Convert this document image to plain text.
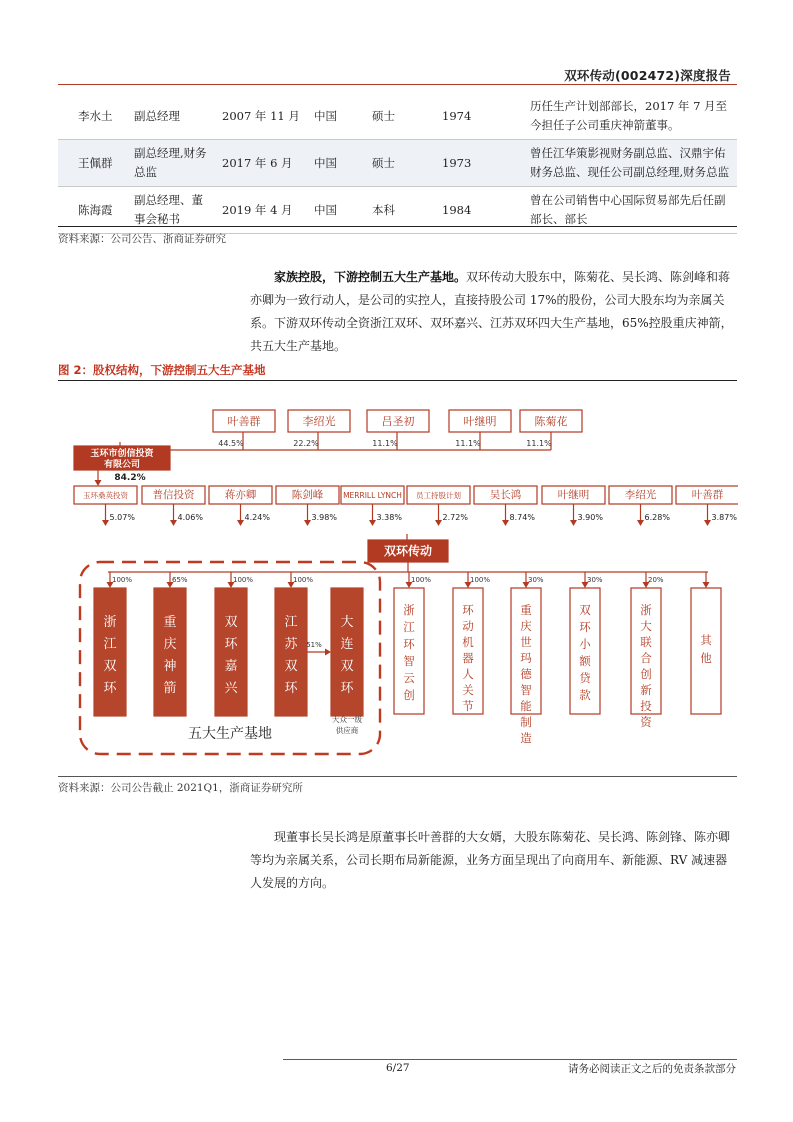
双环传动(002472)深度报告
李水土	副总经理	2007 年 11 月	中国	硕士	1974	历任生产计划部部长，2017 年 7 月至今担任子公司重庆神箭董事。
王佩群	副总经理,财务总监	2017 年 6 月	中国	硕士	1973	曾任江华策影视财务副总监、汉鼎宇佑财务总监、现任公司副总经理,财务总监
陈海霞	副总经理、董事会秘书	2019 年 4 月	中国	本科	1984	曾在公司销售中心国际贸易部先后任副部长、部长
资料来源：公司公告、浙商证券研究
家族控股，下游控制五大生产基地。双环传动大股东中，陈菊花、吴长鸿、陈剑峰和蒋亦卿为一致行动人，是公司的实控人，直接持股公司 17%的股份，公司大股东均为亲属关系。下游双环传动全资浙江双环、双环嘉兴、江苏双环四大生产基地，65%控股重庆神箭，共五大生产基地。
图 2：股权结构，下游控制五大生产基地
叶善群	李绍光	吕圣初	叶继明	陈菊花
44.5%	22.2%	11.1%	11.1%	11.1%
玉环市创信投资
有限公司
84.2%
玉环桑英投资
5.07%
普信投资
4.06%
蒋亦卿
4.24%
陈剑峰
3.98%
MERRILL LYNCH
3.38%
员工持股计划
2.72%
吴长鸿
8.74%
叶继明
3.90%
李绍光
6.28%
叶善群
3.87%
双环传动
100%
浙江双环
65%
重庆神箭
100%
双环嘉兴
100%
江苏双环
大连双环
51%
五大生产基地
大众一级
供应商
100%
浙江环智云创
100%
环动机器人关节
30%
重庆世玛德智能制造
30%
双环小额贷款
20%
浙大联合创新投资
其他
资料来源：公司公告截止 2021Q1，浙商证券研究所
现董事长吴长鸿是原董事长叶善群的大女婿，大股东陈菊花、吴长鸿、陈剑锋、陈亦卿等均为亲属关系，公司长期布局新能源，业务方面呈现出了向商用车、新能源、RV 减速器人发展的方向。
6/27	请务必阅读正文之后的免责条款部分
